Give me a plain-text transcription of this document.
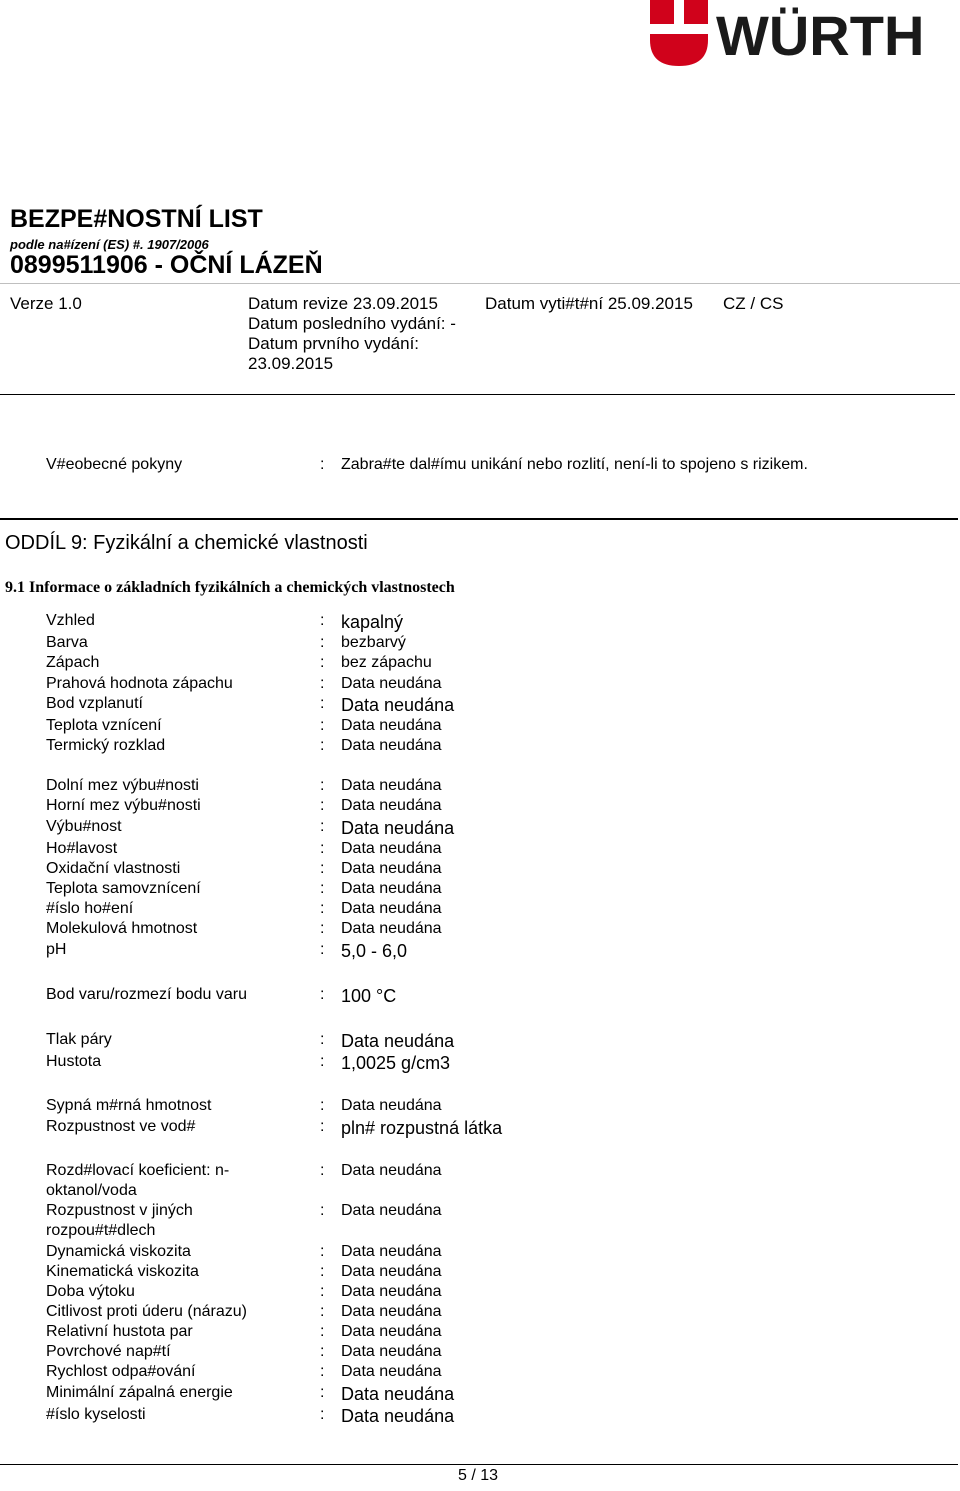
WÜRTH
BEZPE#NOSTNÍ LIST
podle na#ízení (ES) #. 1907/2006
0899511906 - OČNÍ LÁZEŇ
Verze 1.0	Datum revize 23.09.2015
Datum posledního vydání: -
Datum prvního vydání:
23.09.2015
Datum vyti#t#ní 25.09.2015 CZ / CS
V#eobecné pokyny	: Zabra#te dal#ímu unikání nebo rozlití, není-li to spojeno s rizikem.
ODDÍL 9: Fyzikální a chemické vlastnosti
9.1 Informace o základních fyzikálních a chemických vlastnostech
Vzhled	: kapalný
Barva	: bezbarvý
Zápach	: bez zápachu
Prahová hodnota zápachu	: Data neudána
Bod vzplanutí	: Data neudána
Teplota vznícení	: Data neudána
Termický rozklad	: Data neudána
Dolní mez výbu#nosti	: Data neudána
Horní mez výbu#nosti	: Data neudána
Výbu#nost	: Data neudána
Ho#lavost	: Data neudána
Oxidační vlastnosti	: Data neudána
Teplota samovznícení	: Data neudána
#íslo ho#ení	: Data neudána
Molekulová hmotnost	: Data neudána
pH	: 5,0 - 6,0
Bod varu/rozmezí bodu varu	: 100 °C
Tlak páry	: Data neudána
Hustota	: 1,0025 g/cm3
Sypná m#rná hmotnost	: Data neudána
Rozpustnost ve vod#	: pln# rozpustná látka
Rozd#lovací koeficient: n-
oktanol/voda
: Data neudána
Rozpustnost v jiných
rozpou#t#dlech
: Data neudána
Dynamická viskozita	: Data neudána
Kinematická viskozita	: Data neudána
Doba výtoku	: Data neudána
Citlivost proti úderu (nárazu)	: Data neudána
Relativní hustota par	: Data neudána
Povrchové nap#tí	: Data neudána
Rychlost odpa#ování	: Data neudána
Minimální zápalná energie	: Data neudána
#íslo kyselosti	: Data neudána
5 / 13
